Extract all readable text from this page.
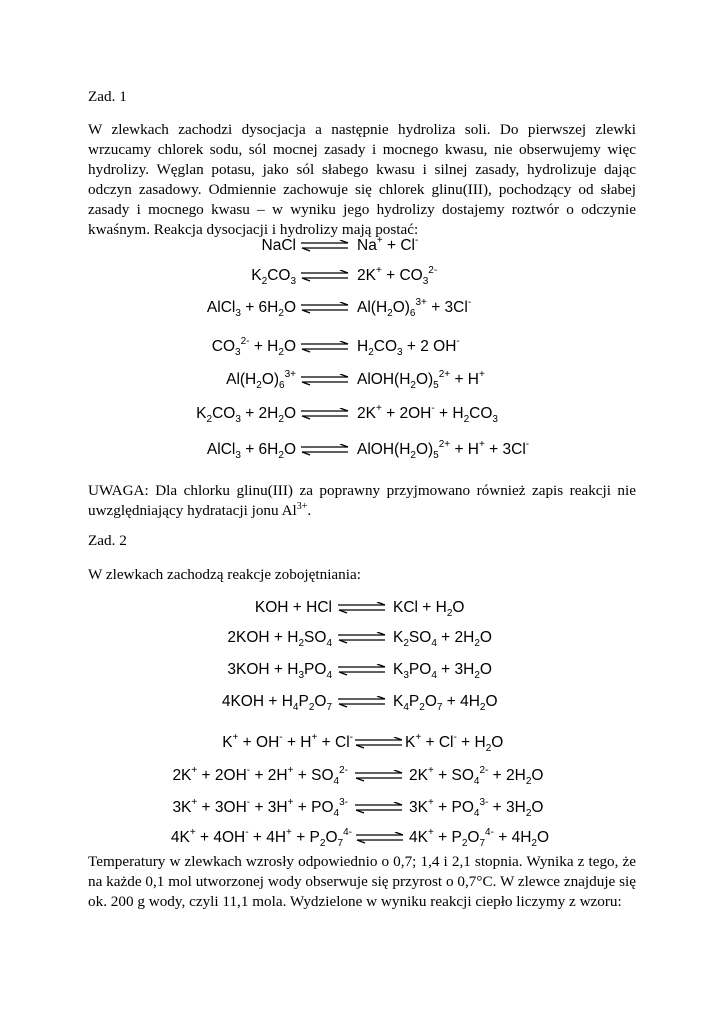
Zad. 1

W zlewkach zachodzi dysocjacja a następnie hydroliza soli. Do pierwszej zlewki wrzucamy chlorek sodu, sól mocnej zasady i mocnego kwasu, nie obserwujemy więc hydrolizy. Węglan potasu, jako sól słabego kwasu i silnej zasady, hydrolizuje dając odczyn zasadowy. Odmiennie zachowuje się chlorek glinu(III), pochodzący od słabej zasady i mocnego kwasu – w wyniku jego hydrolizy dostajemy roztwór o odczynie kwaśnym. Reakcja dysocjacji i hydrolizy mają postać:

NaCl ⇌ Na+ + Cl-
$K_2CO_3$ ⇌ $2K^+ + CO_3^{2-}$
AlCl$_3$ + $6H_2O$ ⇌ $Al(H_2O)_6^{3+} + 3Cl^-$
$CO_3^{2-} + H_2O$ ⇌ $H_2CO_3 + 2$ OH-
$Al(H_2O)_6^{3+}$ ⇌ $AlOH(H_2O)_5^{2+} + H^+$
$K_2CO_3 + 2H_2O$ ⇌ $2K^+ + 2OH^- + H_2CO_3$
AlCl$_3$ + $6H_2O$ ⇌ $AlOH(H_2O)_5^{2+} + H^+ + 3Cl^-$

UWAGA: Dla chlorku glinu(III) za poprawny przyjmowano również zapis reakcji nie uwzględniający hydratacji jonu $Al^{3+}$.

Zad. 2
W zlewkach zachodzą reakcje zobojętniania:
KOH + HCl ⇌ KCl + $H_2O$
$2KOH + H_2SO_4$ ⇌ $K_2SO_4 + 2H_2O$
$3KOH + H_3PO_4$ ⇌ $K_3PO_4 + 3H_2O$
$4KOH + H_4P_2O_7$ ⇌ $K_4P_2O_7 + 4H_2O$
K+ + OH- + H+ + Cl- ⇌ $K^+ + Cl^- + H_2O$
$2K^+ + 2OH^- + 2H^+ + SO_4^{2-}$ ⇌ $2K^+ + SO_4^{2-} + 2H_2O$
$3K^+ + 3OH^- + 3H^+ + PO_4^{3-}$ ⇌ $3K^+ + PO_4^{3-} + 3H_2O$
$4K^+ + 4OH^- + 4H^+ + P_2O_7^{4-}$ ⇌ $4K^+ + P_2O_7^{4-} + 4H_2O$

Temperatury w zlewkach wzrosły odpowiednio o 0,7; 1,4 i 2,1 stopnia. Wynika z tego, że na każde 0,1 mol utworzonej wody obserwuje się przyrost o 0,7°C. W zlewce znajduje się ok. 200 g wody, czyli 11,1 mola. Wydzielone w wyniku reakcji ciepło liczymy z wzoru:
